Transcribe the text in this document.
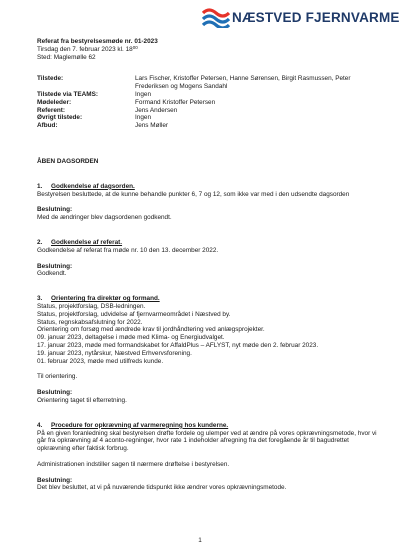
NÆSTVED FJERNVARME
Referat fra bestyrelsesmøde nr. 01-2023
Tirsdag den 7. februar 2023 kl. $18^{00}$
Sted: Maglemølle 62
Tilstede:	Lars Fischer, Kristoffer Petersen, Hanne Sørensen, Birgit Rasmussen, Peter Frederiksen og Mogens Sandahl
Tilstede via TEAMS:	Ingen
Mødeleder:	Formand Kristoffer Petersen
Referent:	Jens Andersen
Øvrigt tilstede:	Ingen
Afbud:	Jens Møller
ÅBEN DAGSORDEN
1. Godkendelse af dagsorden.
Bestyrelsen besluttede, at de kunne behandle punkter 6, 7 og 12, som ikke var med i den udsendte dagsorden
Beslutning:
Med de ændringer blev dagsordenen godkendt.
2. Godkendelse af referat.
Godkendelse af referat fra møde nr. 10 den 13. december 2022.
Beslutning:
Godkendt.
3. Orientering fra direktør og formand.
Status, projektforslag, DSB-ledningen.
Status, projektforslag, udvidelse af fjernvarmeområdet i Næstved by.
Status, regnskabsafslutning for 2022.
Orientering om forsøg med ændrede krav til jordhåndtering ved anlægsprojekter.
09. januar 2023, deltagelse i møde med Klima- og Energiudvalget.
17. januar 2023, møde med formandskabet for AffaldPlus – AFLYST, nyt møde den 2. februar 2023.
19. januar 2023, nytårskur, Næstved Erhvervsforening.
01. februar 2023, møde med utilfreds kunde.
Til orientering.
Beslutning:
Orientering taget til efterretning.
4. Procedure for opkrævning af varmeregning hos kunderne.
På en given foranledning skal bestyrelsen drøfte fordele og ulemper ved at ændre på vores opkrævningsmetode, hvor vi går fra opkrævning af 4 aconto-regninger, hvor rate 1 indeholder afregning fra det foregående år til bagudrettet opkrævning efter faktisk forbrug.
Administrationen indstiller sagen til nærmere drøftelse i bestyrelsen.
Beslutning:
Det blev besluttet, at vi på nuværende tidspunkt ikke ændrer vores opkrævningsmetode.
1
